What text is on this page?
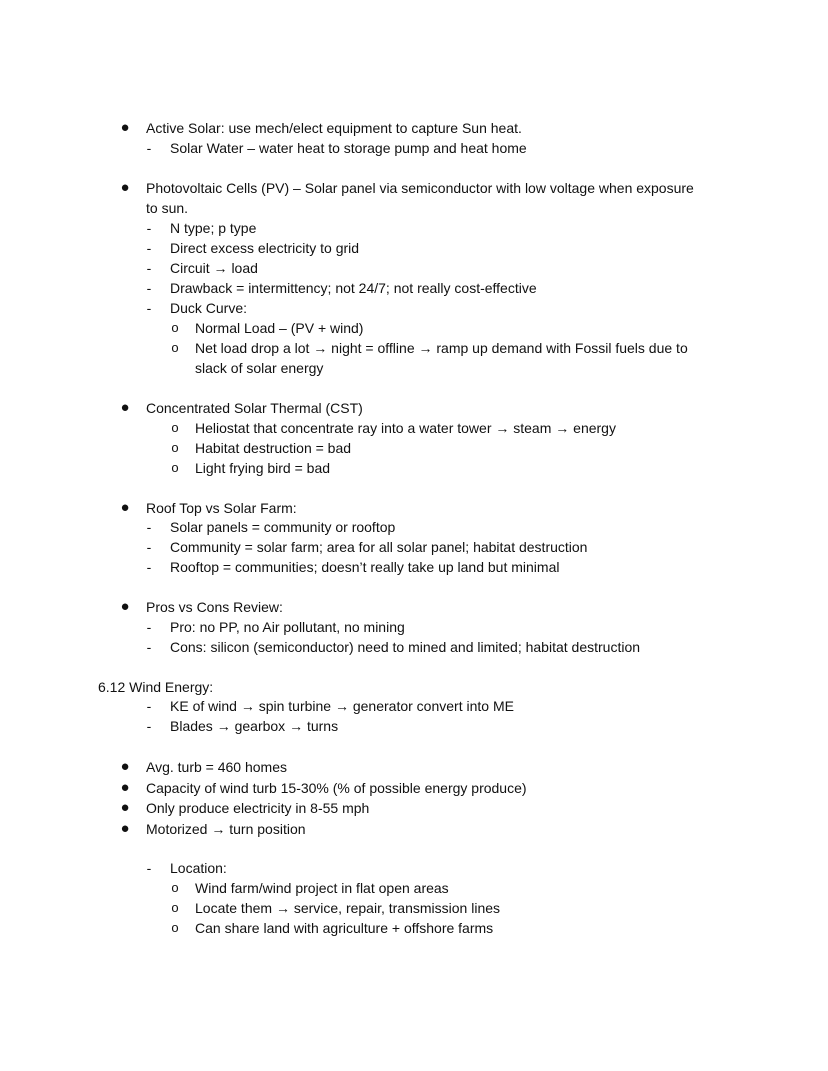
● Active Solar: use mech/elect equipment to capture Sun heat.
-	Solar Water – water heat to storage pump and heat home
● Photovoltaic Cells (PV) – Solar panel via semiconductor with low voltage when exposure
to sun.
-	N type; p type
-	Direct excess electricity to grid
-	Circuit → load
-	Drawback = intermittency; not 24/7; not really cost-effective
-	Duck Curve:
o Normal Load – (PV + wind)
o Net load drop a lot → night = offline → ramp up demand with Fossil fuels due to
slack of solar energy
● Concentrated Solar Thermal (CST)
o Heliostat that concentrate ray into a water tower → steam → energy
o Habitat destruction = bad
o Light frying bird = bad
● Roof Top vs Solar Farm:
-	Solar panels = community or rooftop
-	Community = solar farm; area for all solar panel; habitat destruction
-	Rooftop = communities; doesn’t really take up land but minimal
● Pros vs Cons Review:
-	Pro: no PP, no Air pollutant, no mining
-	Cons: silicon (semiconductor) need to mined and limited; habitat destruction
6.12 Wind Energy:
-	KE of wind → spin turbine → generator convert into ME
-	Blades → gearbox → turns
● Avg. turb = 460 homes
● Capacity of wind turb 15-30% (% of possible energy produce)
● Only produce electricity in 8-55 mph
● Motorized → turn position
-	Location:
o Wind farm/wind project in flat open areas
o Locate them → service, repair, transmission lines
o Can share land with agriculture + offshore farms
